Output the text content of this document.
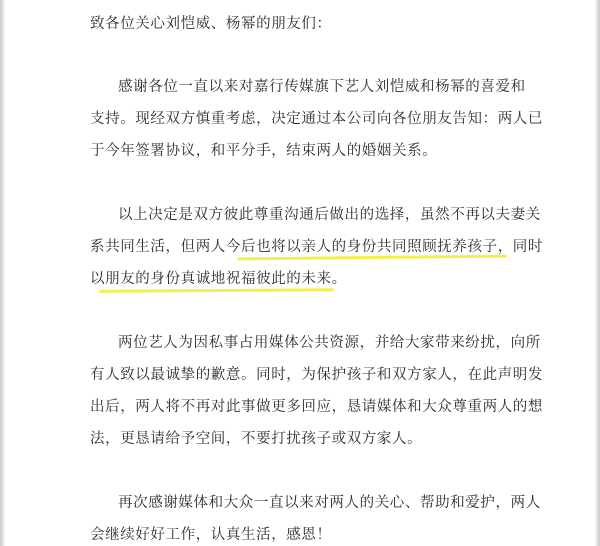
致各位关心刘恺威、杨幂的朋友们：

感谢各位一直以来对嘉行传媒旗下艺人刘恺威和杨幂的喜爱和
支持。现经双方慎重考虑，决定通过本公司向各位朋友告知：两人已
于今年签署协议，和平分手，结束两人的婚姻关系。

以上决定是双方彼此尊重沟通后做出的选择，虽然不再以夫妻关
系共同生活，但两人今后也将以亲人的身份共同照顾抚养孩子，同时
以朋友的身份真诚地祝福彼此的未来。

两位艺人为因私事占用媒体公共资源，并给大家带来纷扰，向所
有人致以最诚挚的歉意。同时，为保护孩子和双方家人，在此声明发
出后，两人将不再对此事做更多回应，恳请媒体和大众尊重两人的想
法，更恳请给予空间，不要打扰孩子或双方家人。

再次感谢媒体和大众一直以来对两人的关心、帮助和爱护，两人
会继续好好工作，认真生活，感恩！
